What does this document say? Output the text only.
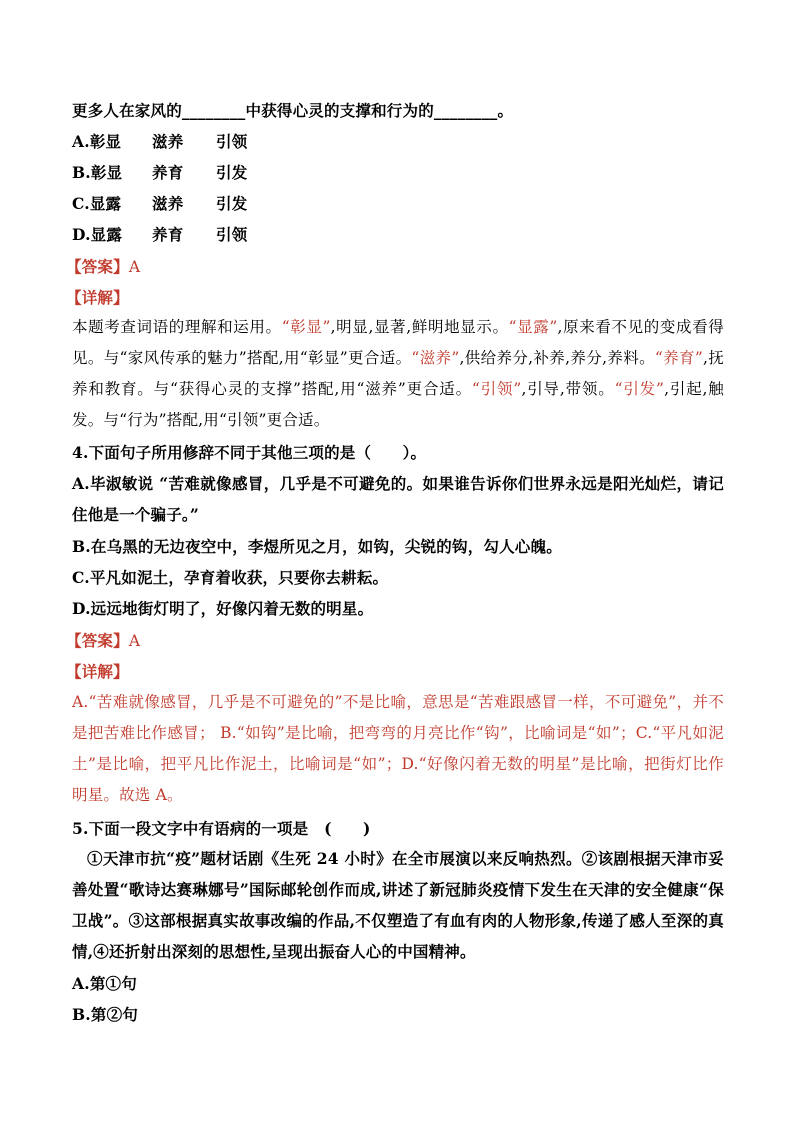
更多人在家风的________中获得心灵的支撑和行为的________。
A.彰显 滋养 引领
B.彰显 养育 引发
C.显露 滋养 引发
D.显露 养育 引领
【答案】A
【详解】
本题考查词语的理解和运用。“彰显”,明显,显著,鲜明地显示。“显露”,原来看不见的变成看得见。与“家风传承的魅力”搭配,用“彰显”更合适。“滋养”,供给养分,补养,养分,养料。“养育”,抚养和教育。与“获得心灵的支撑”搭配,用“滋养”更合适。“引领”,引导,带领。“引发”,引起,触发。与“行为”搭配,用“引领”更合适。
4.下面句子所用修辞不同于其他三项的是（　　）。
A.毕淑敏说 “苦难就像感冒，几乎是不可避免的。如果谁告诉你们世界永远是阳光灿烂，请记住他是一个骗子。”
B.在乌黑的无边夜空中，李煜所见之月，如钩，尖锐的钩，勾人心魄。
C.平凡如泥土，孕育着收获，只要你去耕耘。
D.远远地街灯明了，好像闪着无数的明星。
【答案】A
【详解】
A.“苦难就像感冒，几乎是不可避免的”不是比喻，意思是“苦难跟感冒一样，不可避免”，并不是把苦难比作感冒； B.“如钩”是比喻，把弯弯的月亮比作“钩”，比喻词是“如”；C.“平凡如泥土”是比喻，把平凡比作泥土，比喻词是“如”；D.“好像闪着无数的明星”是比喻，把街灯比作明星。故选 A。
5.下面一段文字中有语病的一项是　(　　)
①天津市抗“疫”题材话剧《生死 24 小时》在全市展演以来反响热烈。②该剧根据天津市妥善处置“歌诗达赛琳娜号”国际邮轮创作而成,讲述了新冠肺炎疫情下发生在天津的安全健康“保卫战”。③这部根据真实故事改编的作品,不仅塑造了有血有肉的人物形象,传递了感人至深的真情,④还折射出深刻的思想性,呈现出振奋人心的中国精神。
A.第①句
B.第②句
